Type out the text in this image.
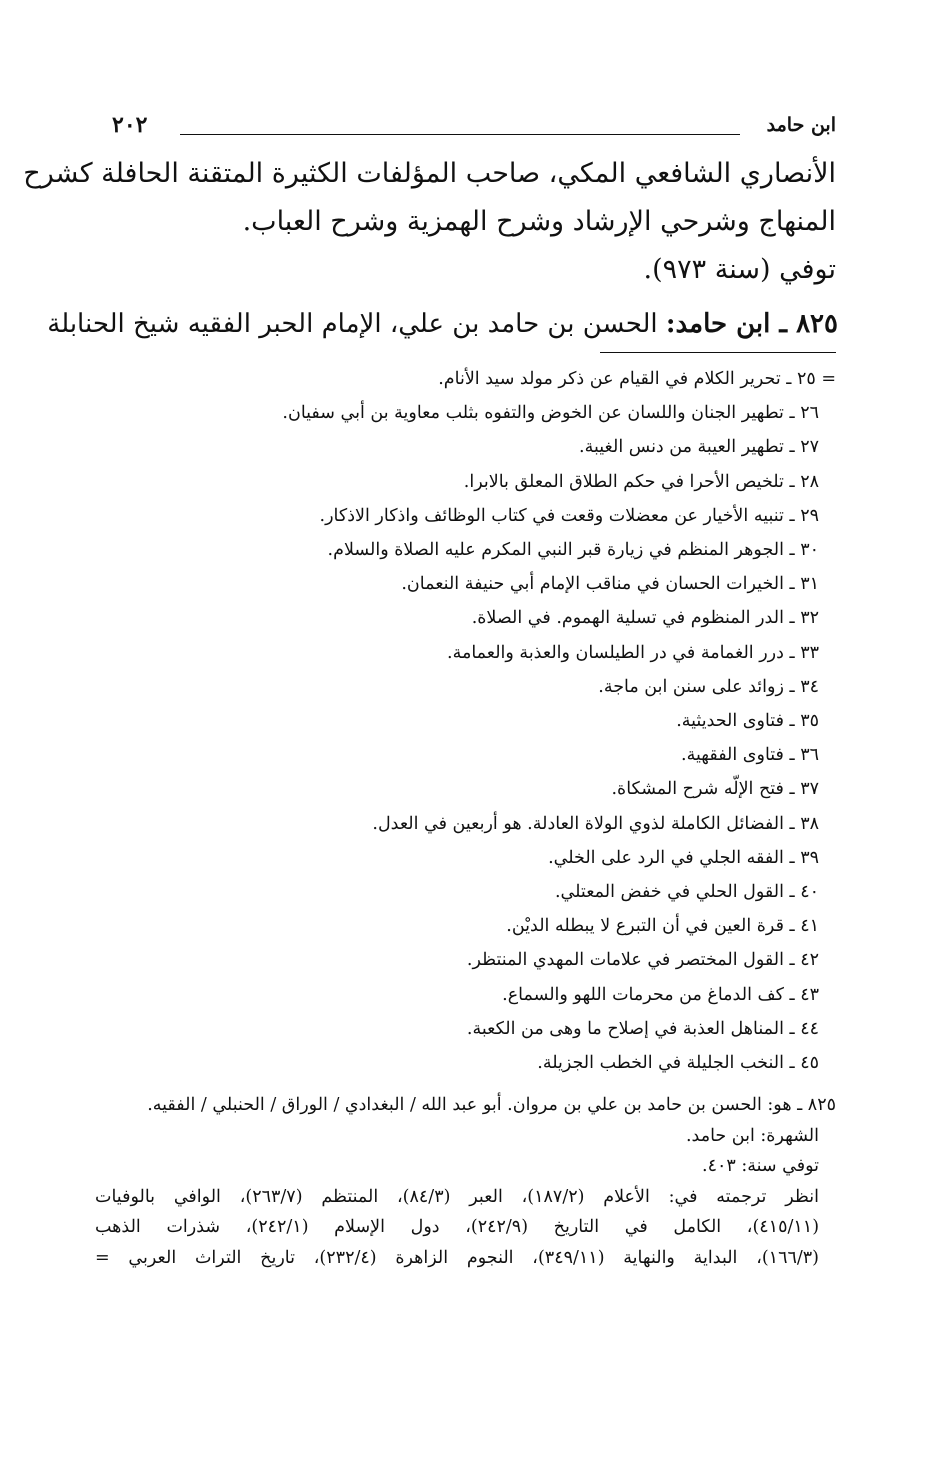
ابن حامد
٢٠٢
الأنصاري الشافعي المكي، صاحب المؤلفات الكثيرة المتقنة الحافلة كشرح
المنهاج وشرحي الإرشاد وشرح الهمزية وشرح العباب.
توفي (سنة ٩٧٣).
٨٢٥ ـ ابن حامد: الحسن بن حامد بن علي، الإمام الحبر الفقيه شيخ الحنابلة
= ٢٥ ـ تحرير الكلام في القيام عن ذكر مولد سيد الأنام.
٢٦ ـ تطهير الجنان واللسان عن الخوض والتفوه بثلب معاوية بن أبي سفيان.
٢٧ ـ تطهير العيبة من دنس الغيبة.
٢٨ ـ تلخيص الأحرا في حكم الطلاق المعلق بالابرا.
٢٩ ـ تنبيه الأخيار عن معضلات وقعت في كتاب الوظائف واذكار الاذكار.
٣٠ ـ الجوهر المنظم في زيارة قبر النبي المكرم عليه الصلاة والسلام.
٣١ ـ الخيرات الحسان في مناقب الإمام أبي حنيفة النعمان.
٣٢ ـ الدر المنظوم في تسلية الهموم. في الصلاة.
٣٣ ـ درر الغمامة في در الطيلسان والعذبة والعمامة.
٣٤ ـ زوائد على سنن ابن ماجة.
٣٥ ـ فتاوى الحديثية.
٣٦ ـ فتاوى الفقهية.
٣٧ ـ فتح الإلّه شرح المشكاة.
٣٨ ـ الفضائل الكاملة لذوي الولاة العادلة. هو أربعين في العدل.
٣٩ ـ الفقه الجلي في الرد على الخلي.
٤٠ ـ القول الحلي في خفض المعتلي.
٤١ ـ قرة العين في أن التبرع لا يبطله الديْن.
٤٢ ـ القول المختصر في علامات المهدي المنتظر.
٤٣ ـ كف الدماغ من محرمات اللهو والسماع.
٤٤ ـ المناهل العذبة في إصلاح ما وهى من الكعبة.
٤٥ ـ النخب الجليلة في الخطب الجزيلة.
٨٢٥ ـ هو: الحسن بن حامد بن علي بن مروان. أبو عبد الله / البغدادي / الوراق / الحنبلي / الفقيه.
الشهرة: ابن حامد.
توفي سنة: ٤٠٣.
انظر ترجمته في: الأعلام (١٨٧/٢)، العبر (٨٤/٣)، المنتظم (٢٦٣/٧)، الوافي بالوفيات
(٤١٥/١١)، الكامل في التاريخ (٢٤٢/٩)، دول الإسلام (٢٤٢/١)، شذرات الذهب
(١٦٦/٣)، البداية والنهاية (٣٤٩/١١)، النجوم الزاهرة (٢٣٢/٤)، تاريخ التراث العربي =
